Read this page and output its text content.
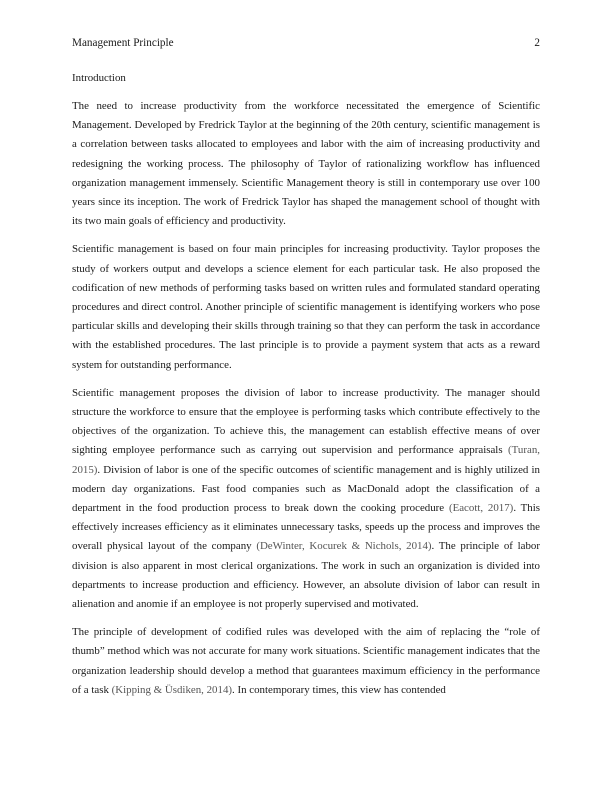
Management Principle	2
Introduction

The need to increase productivity from the workforce necessitated the emergence of Scientific Management. Developed by Fredrick Taylor at the beginning of the 20th century, scientific management is a correlation between tasks allocated to employees and labor with the aim of increasing productivity and redesigning the working process. The philosophy of Taylor of rationalizing workflow has influenced organization management immensely. Scientific Management theory is still in contemporary use over 100 years since its inception. The work of Fredrick Taylor has shaped the management school of thought with its two main goals of efficiency and productivity.

Scientific management is based on four main principles for increasing productivity. Taylor proposes the study of workers output and develops a science element for each particular task. He also proposed the codification of new methods of performing tasks based on written rules and formulated standard operating procedures and direct control. Another principle of scientific management is identifying workers who pose particular skills and developing their skills through training so that they can perform the task in accordance with the established procedures. The last principle is to provide a payment system that acts as a reward system for outstanding performance.

Scientific management proposes the division of labor to increase productivity. The manager should structure the workforce to ensure that the employee is performing tasks which contribute effectively to the objectives of the organization. To achieve this, the management can establish effective means of over sighting employee performance such as carrying out supervision and performance appraisals (Turan, 2015). Division of labor is one of the specific outcomes of scientific management and is highly utilized in modern day organizations. Fast food companies such as MacDonald adopt the classification of a department in the food production process to break down the cooking procedure (Eacott, 2017). This effectively increases efficiency as it eliminates unnecessary tasks, speeds up the process and improves the overall physical layout of the company (DeWinter, Kocurek & Nichols, 2014). The principle of labor division is also apparent in most clerical organizations. The work in such an organization is divided into departments to increase production and efficiency. However, an absolute division of labor can result in alienation and anomie if an employee is not properly supervised and motivated.

The principle of development of codified rules was developed with the aim of replacing the “role of thumb” method which was not accurate for many work situations. Scientific management indicates that the organization leadership should develop a method that guarantees maximum efficiency in the performance of a task (Kipping & Üsdiken, 2014). In contemporary times, this view has contended
